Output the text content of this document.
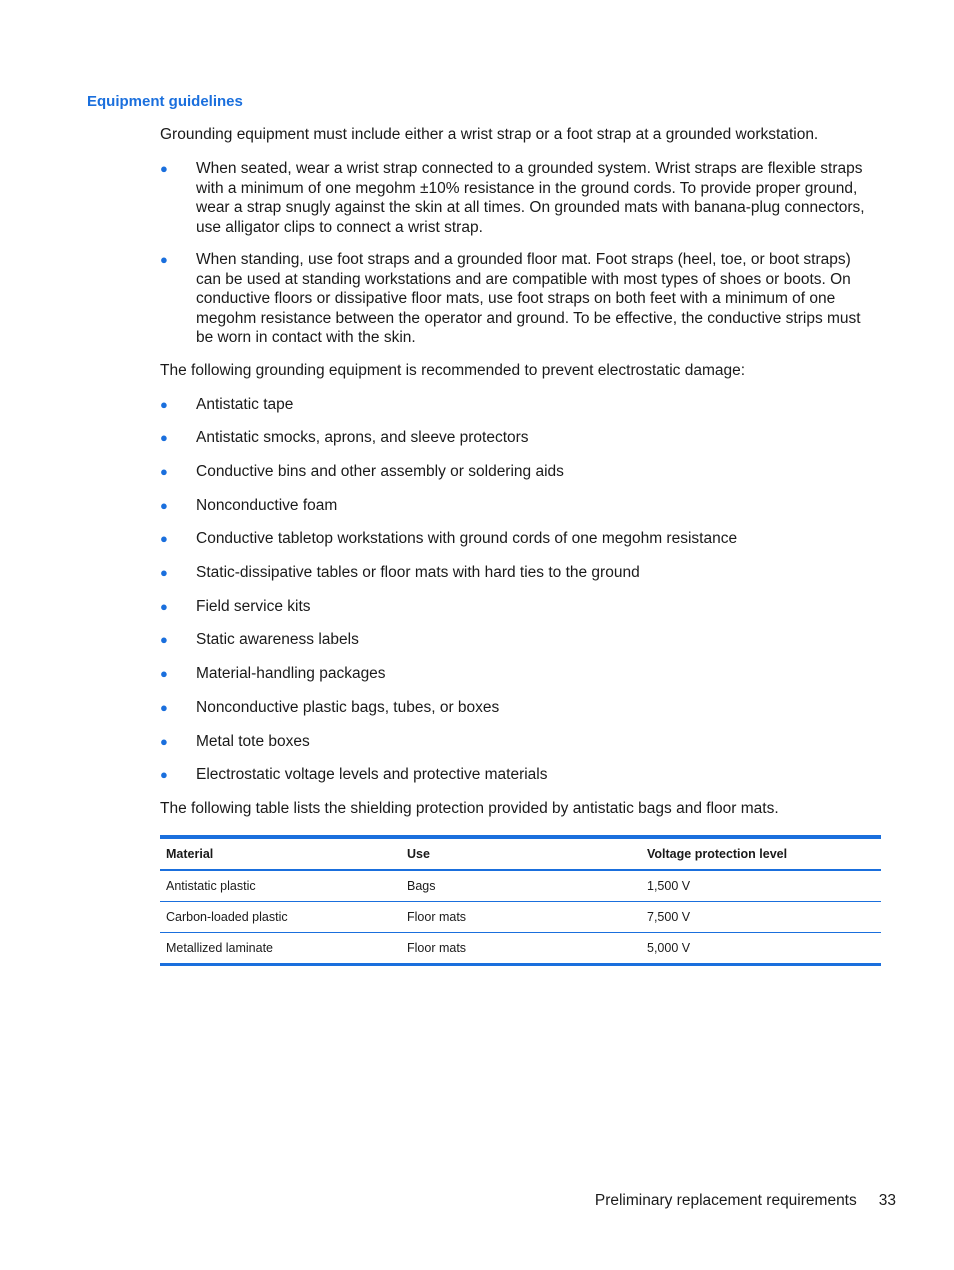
Equipment guidelines
Grounding equipment must include either a wrist strap or a foot strap at a grounded workstation.
●	When seated, wear a wrist strap connected to a grounded system. Wrist straps are flexible straps with a minimum of one megohm ±10% resistance in the ground cords. To provide proper ground, wear a strap snugly against the skin at all times. On grounded mats with banana-plug connectors, use alligator clips to connect a wrist strap.
●	When standing, use foot straps and a grounded floor mat. Foot straps (heel, toe, or boot straps) can be used at standing workstations and are compatible with most types of shoes or boots. On conductive floors or dissipative floor mats, use foot straps on both feet with a minimum of one megohm resistance between the operator and ground. To be effective, the conductive strips must be worn in contact with the skin.
The following grounding equipment is recommended to prevent electrostatic damage:
●	Antistatic tape
●	Antistatic smocks, aprons, and sleeve protectors
●	Conductive bins and other assembly or soldering aids
●	Nonconductive foam
●	Conductive tabletop workstations with ground cords of one megohm resistance
●	Static-dissipative tables or floor mats with hard ties to the ground
●	Field service kits
●	Static awareness labels
●	Material-handling packages
●	Nonconductive plastic bags, tubes, or boxes
●	Metal tote boxes
●	Electrostatic voltage levels and protective materials
The following table lists the shielding protection provided by antistatic bags and floor mats.
Material	Use	Voltage protection level
Antistatic plastic	Bags	1,500 V
Carbon-loaded plastic	Floor mats	7,500 V
Metallized laminate	Floor mats	5,000 V
Preliminary replacement requirements 33
